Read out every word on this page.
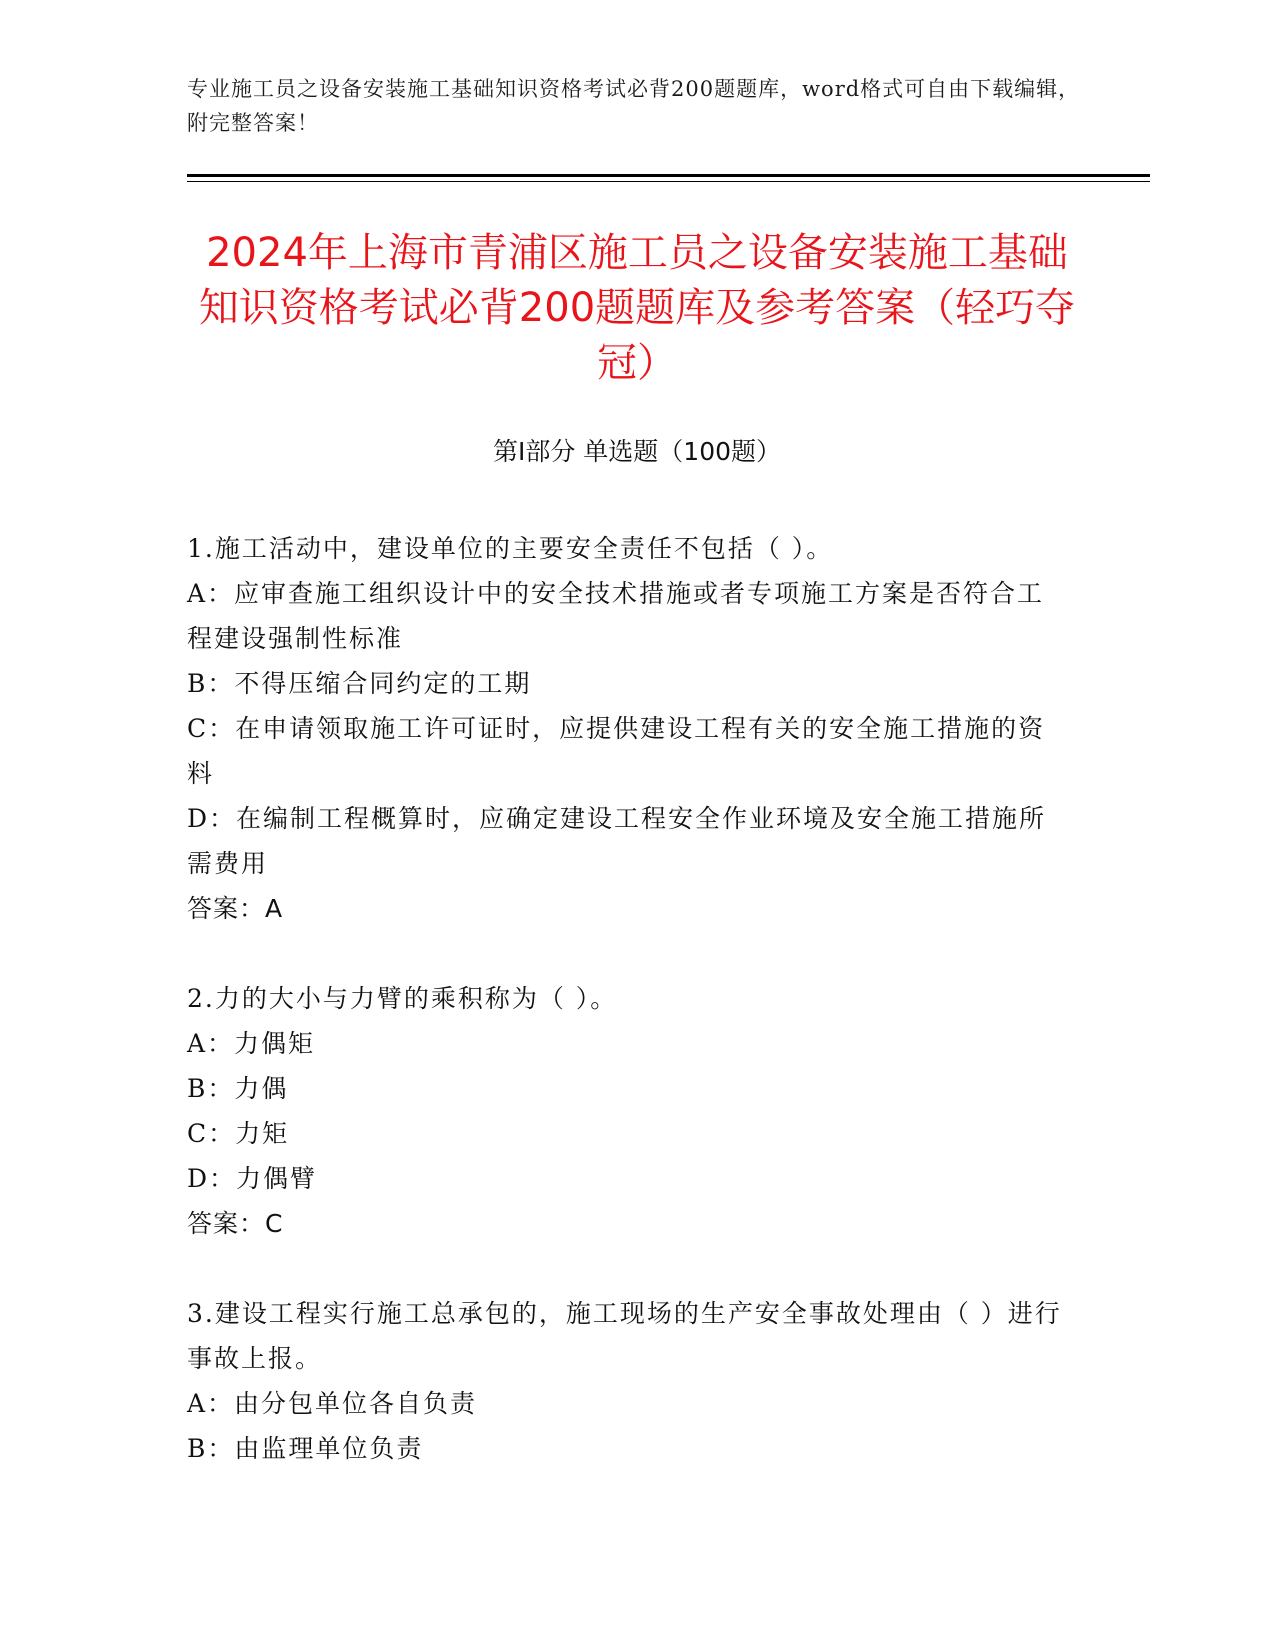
专业施工员之设备安装施工基础知识资格考试必背200题题库，word格式可自由下载编辑，附完整答案！
2024年上海市青浦区施工员之设备安装施工基础知识资格考试必背200题题库及参考答案（轻巧夺冠）
第Ⅰ部分 单选题（100题）
1.施工活动中，建设单位的主要安全责任不包括（ ）。
A：应审查施工组织设计中的安全技术措施或者专项施工方案是否符合工程建设强制性标准
B：不得压缩合同约定的工期
C：在申请领取施工许可证时，应提供建设工程有关的安全施工措施的资料
D：在编制工程概算时，应确定建设工程安全作业环境及安全施工措施所需费用
答案：A
2.力的大小与力臂的乘积称为（ ）。
A：力偶矩
B：力偶
C：力矩
D：力偶臂
答案：C
3.建设工程实行施工总承包的，施工现场的生产安全事故处理由（ ）进行事故上报。
A：由分包单位各自负责
B：由监理单位负责
